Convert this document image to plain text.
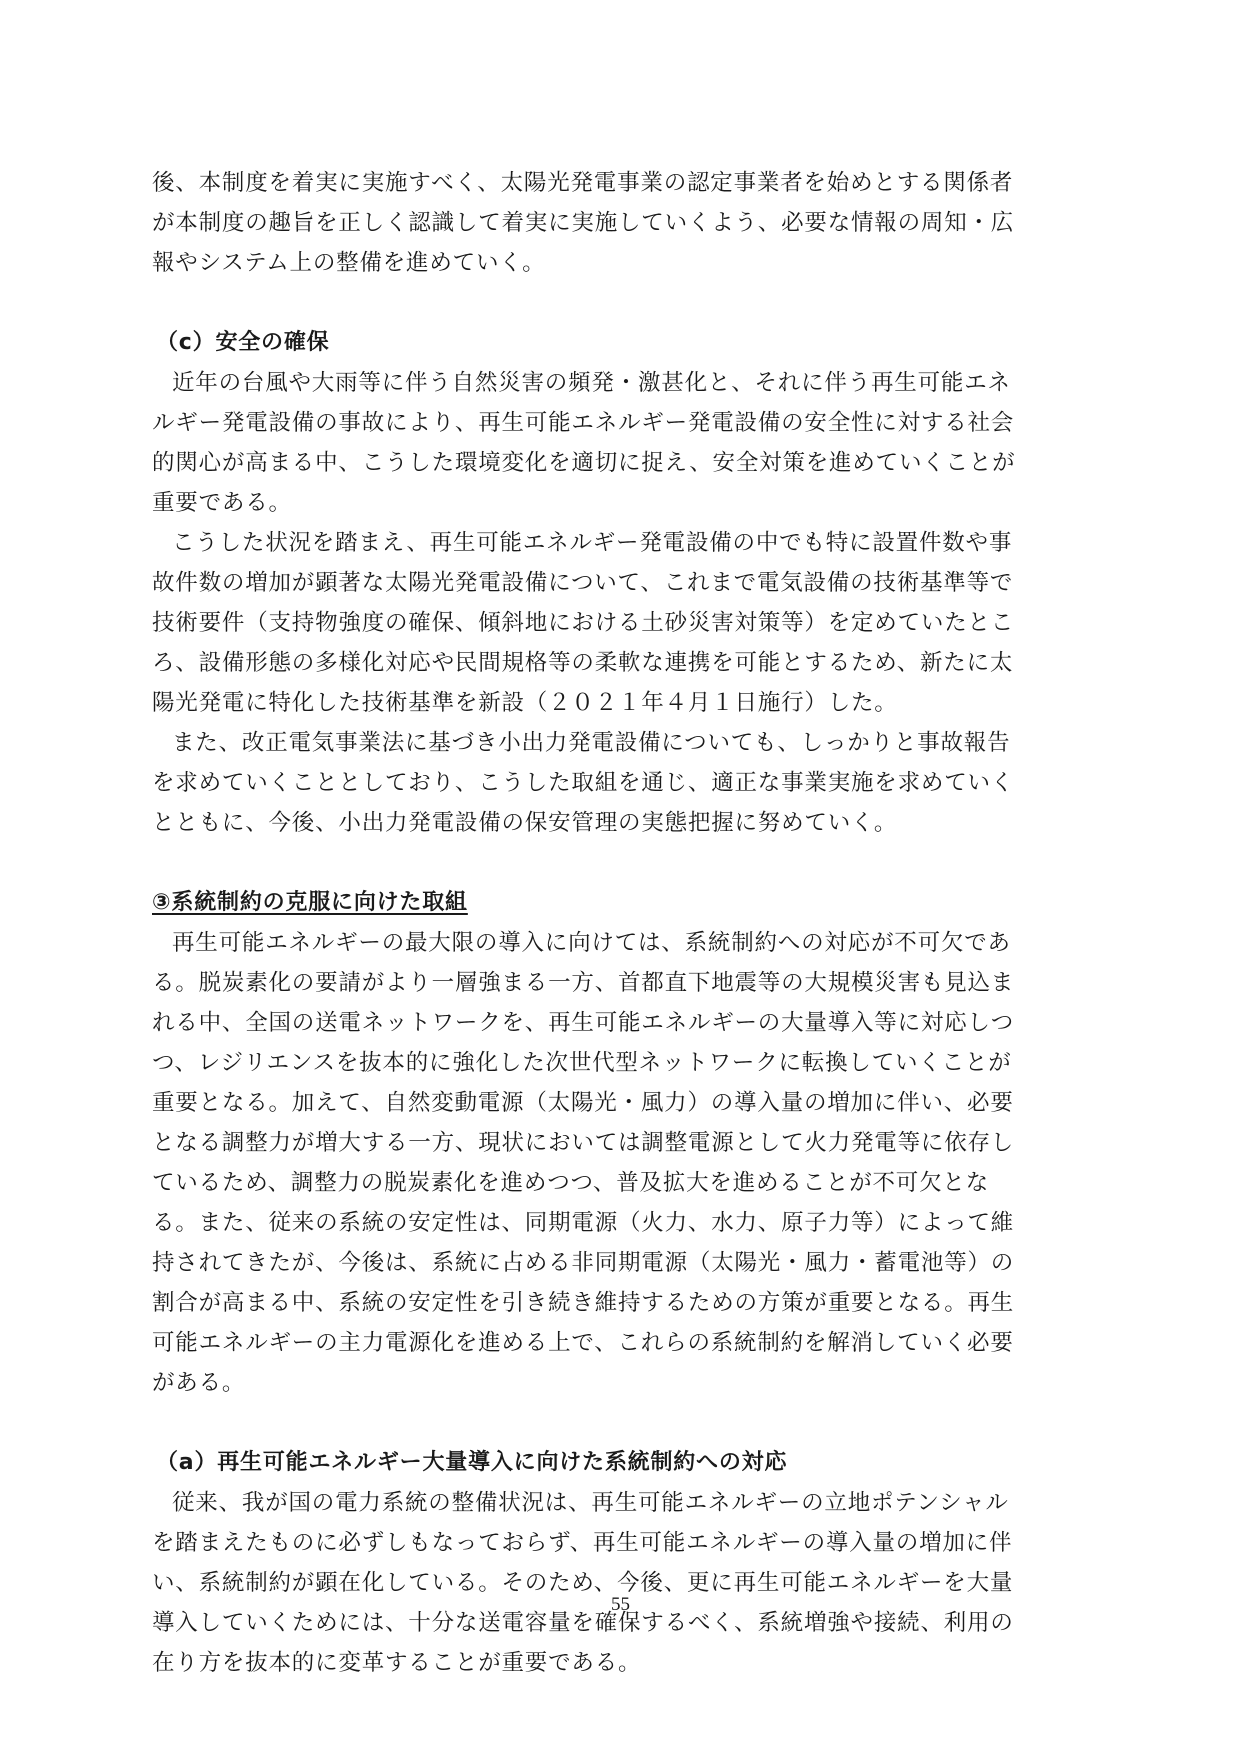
後、本制度を着実に実施すべく、太陽光発電事業の認定事業者を始めとする関係者
が本制度の趣旨を正しく認識して着実に実施していくよう、必要な情報の周知・広
報やシステム上の整備を進めていく。
（c）安全の確保
近年の台風や大雨等に伴う自然災害の頻発・激甚化と、それに伴う再生可能エネ
ルギー発電設備の事故により、再生可能エネルギー発電設備の安全性に対する社会
的関心が高まる中、こうした環境変化を適切に捉え、安全対策を進めていくことが
重要である。
こうした状況を踏まえ、再生可能エネルギー発電設備の中でも特に設置件数や事
故件数の増加が顕著な太陽光発電設備について、これまで電気設備の技術基準等で
技術要件（支持物強度の確保、傾斜地における土砂災害対策等）を定めていたとこ
ろ、設備形態の多様化対応や民間規格等の柔軟な連携を可能とするため、新たに太
陽光発電に特化した技術基準を新設（２０２１年４月１日施行）した。
また、改正電気事業法に基づき小出力発電設備についても、しっかりと事故報告
を求めていくこととしており、こうした取組を通じ、適正な事業実施を求めていく
とともに、今後、小出力発電設備の保安管理の実態把握に努めていく。
③系統制約の克服に向けた取組
再生可能エネルギーの最大限の導入に向けては、系統制約への対応が不可欠であ
る。脱炭素化の要請がより一層強まる一方、首都直下地震等の大規模災害も見込ま
れる中、全国の送電ネットワークを、再生可能エネルギーの大量導入等に対応しつ
つ、レジリエンスを抜本的に強化した次世代型ネットワークに転換していくことが
重要となる。加えて、自然変動電源（太陽光・風力）の導入量の増加に伴い、必要
となる調整力が増大する一方、現状においては調整電源として火力発電等に依存し
ているため、調整力の脱炭素化を進めつつ、普及拡大を進めることが不可欠とな
る。また、従来の系統の安定性は、同期電源（火力、水力、原子力等）によって維
持されてきたが、今後は、系統に占める非同期電源（太陽光・風力・蓄電池等）の
割合が高まる中、系統の安定性を引き続き維持するための方策が重要となる。再生
可能エネルギーの主力電源化を進める上で、これらの系統制約を解消していく必要
がある。
（a）再生可能エネルギー大量導入に向けた系統制約への対応
従来、我が国の電力系統の整備状況は、再生可能エネルギーの立地ポテンシャル
を踏まえたものに必ずしもなっておらず、再生可能エネルギーの導入量の増加に伴
い、系統制約が顕在化している。そのため、今後、更に再生可能エネルギーを大量
導入していくためには、十分な送電容量を確保するべく、系統増強や接続、利用の
在り方を抜本的に変革することが重要である。
55
